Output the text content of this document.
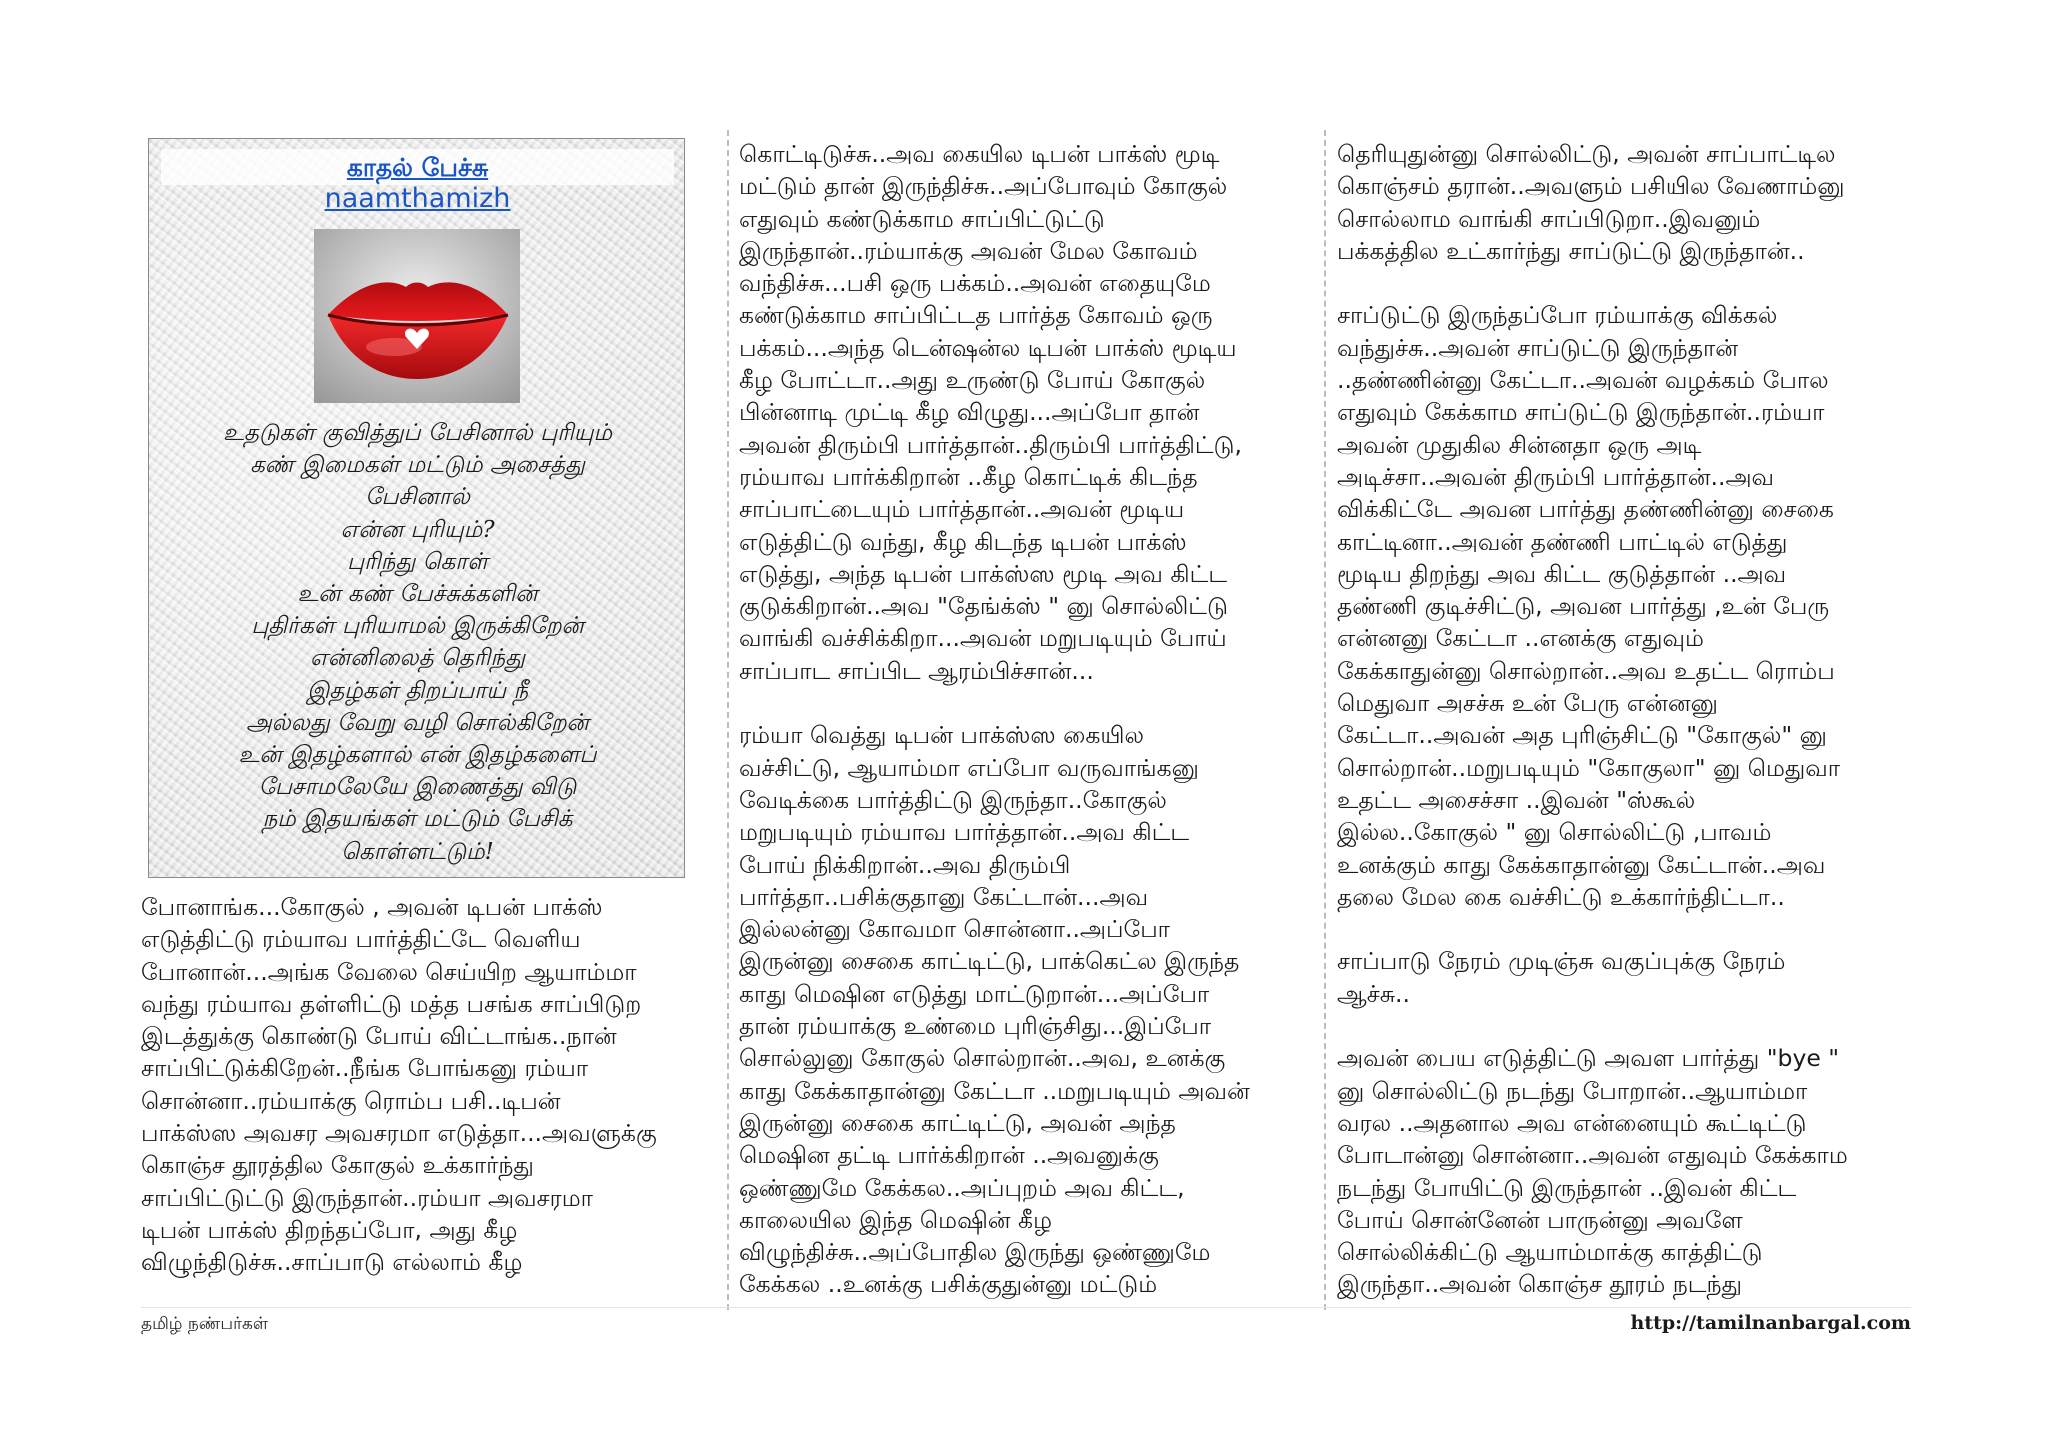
காதல் பேச்சு
naamthamizh
உதடுகள் குவித்துப் பேசினால் புரியும்
கண் இமைகள் மட்டும் அசைத்து
பேசினால்
என்ன புரியும்?
புரிந்து கொள்
உன் கண் பேச்சுக்களின்
புதிர்கள் புரியாமல் இருக்கிறேன்
என்னிலைத் தெரிந்து
இதழ்கள் திறப்பாய் நீ
அல்லது வேறு வழி சொல்கிறேன்
உன் இதழ்களால் என் இதழ்களைப்
பேசாமலேயே இணைத்து விடு
நம் இதயங்கள் மட்டும் பேசிக்
கொள்ளட்டும்!
போனாங்க...கோகுல் , அவன் டிபன் பாக்ஸ்
எடுத்திட்டு ரம்யாவ பார்த்திட்டே வெளிய
போனான்...அங்க வேலை செய்யிற ஆயாம்மா
வந்து ரம்யாவ தள்ளிட்டு மத்த பசங்க சாப்பிடுற
இடத்துக்கு கொண்டு போய் விட்டாங்க..நான்
சாப்பிட்டுக்கிறேன்..நீங்க போங்கனு ரம்யா
சொன்னா..ரம்யாக்கு ரொம்ப பசி..டிபன்
பாக்ஸ்ஸ அவசர அவசரமா எடுத்தா...அவளுக்கு
கொஞ்ச தூரத்தில கோகுல் உக்கார்ந்து
சாப்பிட்டுட்டு இருந்தான்..ரம்யா அவசரமா
டிபன் பாக்ஸ் திறந்தப்போ, அது கீழ
விழுந்திடுச்சு..சாப்பாடு எல்லாம் கீழ
கொட்டிடுச்சு..அவ கையில டிபன் பாக்ஸ் மூடி
மட்டும் தான் இருந்திச்சு..அப்போவும் கோகுல்
எதுவும் கண்டுக்காம சாப்பிட்டுட்டு
இருந்தான்..ரம்யாக்கு அவன் மேல கோவம்
வந்திச்சு...பசி ஒரு பக்கம்..அவன் எதையுமே
கண்டுக்காம சாப்பிட்டத பார்த்த கோவம் ஒரு
பக்கம்...அந்த டென்ஷன்ல டிபன் பாக்ஸ் மூடிய
கீழ போட்டா..அது உருண்டு போய் கோகுல்
பின்னாடி முட்டி கீழ விழுது...அப்போ தான்
அவன் திரும்பி பார்த்தான்..திரும்பி பார்த்திட்டு,
ரம்யாவ பார்க்கிறான் ..கீழ கொட்டிக் கிடந்த
சாப்பாட்டையும் பார்த்தான்..அவன் மூடிய
எடுத்திட்டு வந்து, கீழ கிடந்த டிபன் பாக்ஸ்
எடுத்து, அந்த டிபன் பாக்ஸ்ஸ மூடி அவ கிட்ட
குடுக்கிறான்..அவ "தேங்க்ஸ் " னு சொல்லிட்டு
வாங்கி வச்சிக்கிறா...அவன் மறுபடியும் போய்
சாப்பாட சாப்பிட ஆரம்பிச்சான்...
ரம்யா வெத்து டிபன் பாக்ஸ்ஸ கையில
வச்சிட்டு, ஆயாம்மா எப்போ வருவாங்கனு
வேடிக்கை பார்த்திட்டு இருந்தா..கோகுல்
மறுபடியும் ரம்யாவ பார்த்தான்..அவ கிட்ட
போய் நிக்கிறான்..அவ திரும்பி
பார்த்தா..பசிக்குதானு கேட்டான்...அவ
இல்லன்னு கோவமா சொன்னா..அப்போ
இருன்னு சைகை காட்டிட்டு, பாக்கெட்ல இருந்த
காது மெஷின எடுத்து மாட்டுறான்...அப்போ
தான் ரம்யாக்கு உண்மை புரிஞ்சிது...இப்போ
சொல்லுனு கோகுல் சொல்றான்..அவ, உனக்கு
காது கேக்காதான்னு கேட்டா ..மறுபடியும் அவன்
இருன்னு சைகை காட்டிட்டு, அவன் அந்த
மெஷின தட்டி பார்க்கிறான் ..அவனுக்கு
ஒண்ணுமே கேக்கல..அப்புறம் அவ கிட்ட,
காலையில இந்த மெஷின் கீழ
விழுந்திச்சு..அப்போதில இருந்து ஒண்ணுமே
கேக்கல ..உனக்கு பசிக்குதுன்னு மட்டும்
தெரியுதுன்னு சொல்லிட்டு, அவன் சாப்பாட்டில
கொஞ்சம் தரான்..அவளும் பசியில வேணாம்னு
சொல்லாம வாங்கி சாப்பிடுறா..இவனும்
பக்கத்தில உட்கார்ந்து சாப்டுட்டு இருந்தான்..
சாப்டுட்டு இருந்தப்போ ரம்யாக்கு விக்கல்
வந்துச்சு..அவன் சாப்டுட்டு இருந்தான்
..தண்ணின்னு கேட்டா..அவன் வழக்கம் போல
எதுவும் கேக்காம சாப்டுட்டு இருந்தான்..ரம்யா
அவன் முதுகில சின்னதா ஒரு அடி
அடிச்சா..அவன் திரும்பி பார்த்தான்..அவ
விக்கிட்டே அவன பார்த்து தண்ணின்னு சைகை
காட்டினா..அவன் தண்ணி பாட்டில் எடுத்து
மூடிய திறந்து அவ கிட்ட குடுத்தான் ..அவ
தண்ணி குடிச்சிட்டு, அவன பார்த்து ,உன் பேரு
என்னனு கேட்டா ..எனக்கு எதுவும்
கேக்காதுன்னு சொல்றான்..அவ உதட்ட ரொம்ப
மெதுவா அசச்சு உன் பேரு என்னனு
கேட்டா..அவன் அத புரிஞ்சிட்டு "கோகுல்" னு
சொல்றான்..மறுபடியும் "கோகுலா" னு மெதுவா
உதட்ட அசைச்சா ..இவன் "ஸ்கூல்
இல்ல..கோகுல் " னு சொல்லிட்டு ,பாவம்
உனக்கும் காது கேக்காதான்னு கேட்டான்..அவ
தலை மேல கை வச்சிட்டு உக்கார்ந்திட்டா..
சாப்பாடு நேரம் முடிஞ்சு வகுப்புக்கு நேரம்
ஆச்சு..
அவன் பைய எடுத்திட்டு அவள பார்த்து "bye "
னு சொல்லிட்டு நடந்து போறான்..ஆயாம்மா
வரல ..அதனால அவ என்னையும் கூட்டிட்டு
போடான்னு சொன்னா..அவன் எதுவும் கேக்காம
நடந்து போயிட்டு இருந்தான் ..இவன் கிட்ட
போய் சொன்னேன் பாருன்னு அவளே
சொல்லிக்கிட்டு ஆயாம்மாக்கு காத்திட்டு
இருந்தா..அவன் கொஞ்ச தூரம் நடந்து
தமிழ் நண்பர்கள்	http://tamilnanbargal.com
